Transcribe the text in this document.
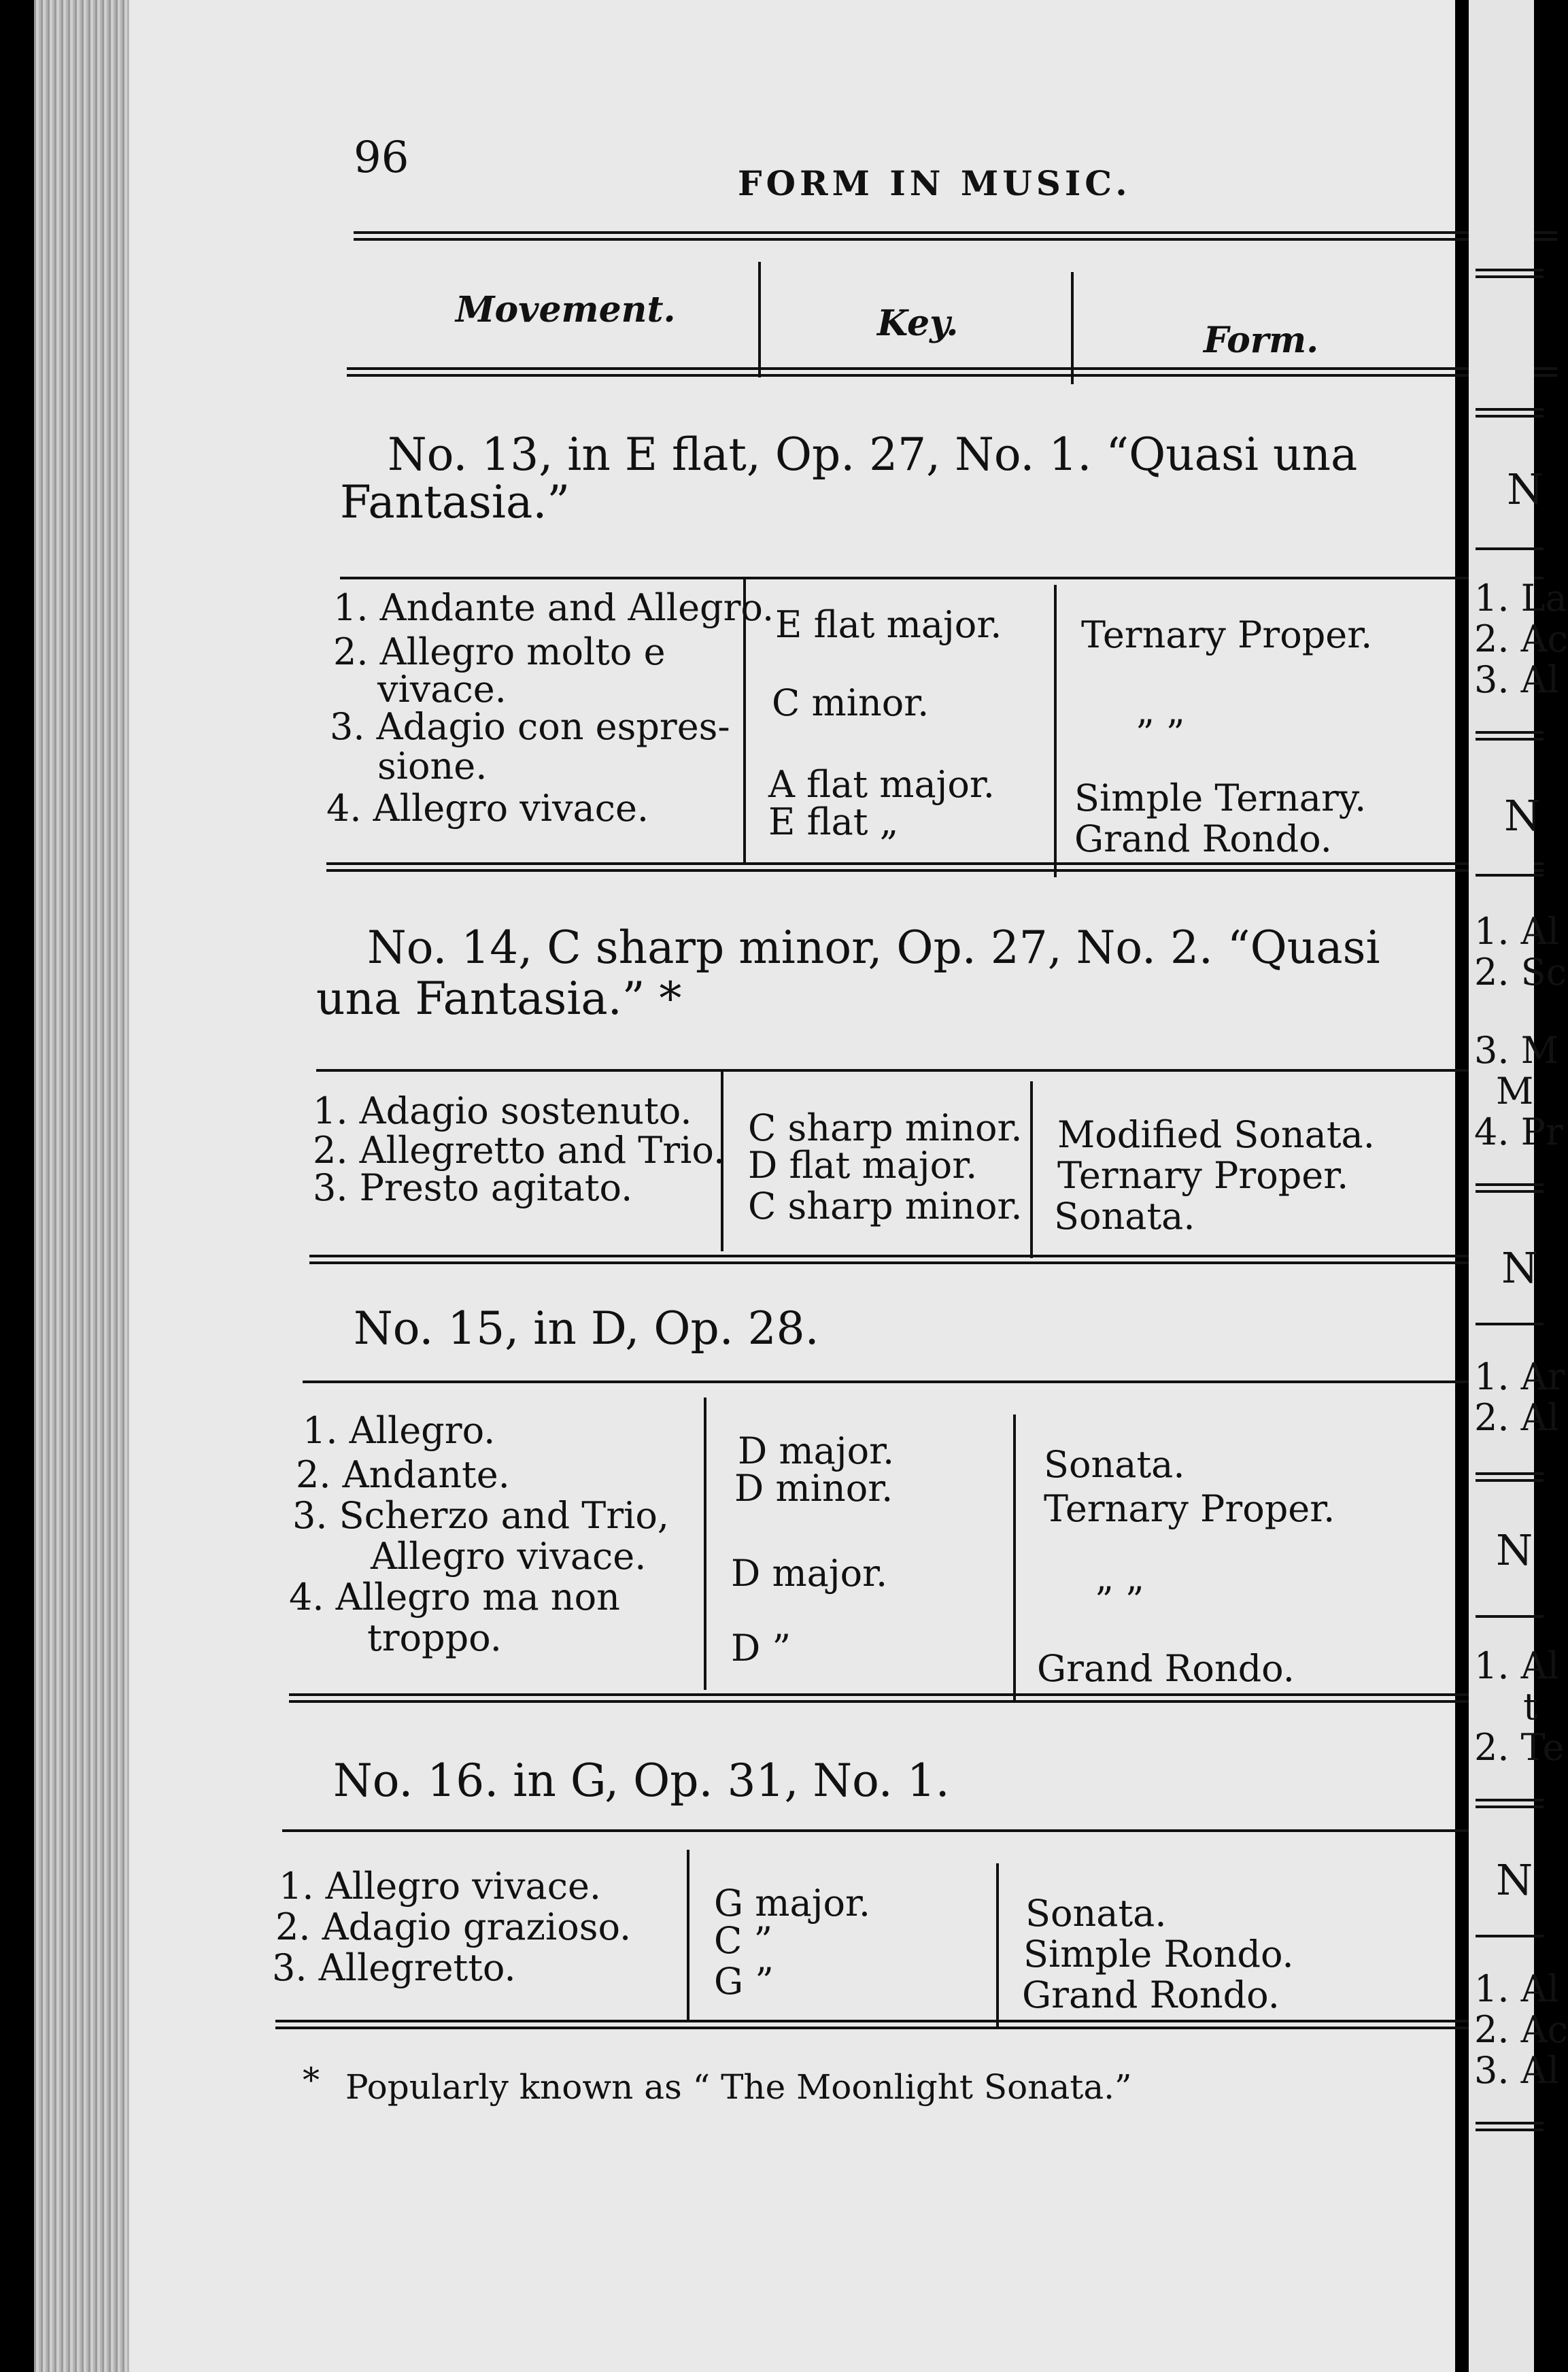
96
FORM IN MUSIC.
Movement.	Key.	Form.
No. 13, in E flat, Op. 27, No. 1. “Quasi una
Fantasia.”
1. Andante and Allegro.
2. Allegro molto e
vivace.
3. Adagio con espres-
sione.
4. Allegro vivace.
E flat major.
C minor.
A flat major.
E flat „
Ternary Proper.
” ”
Simple Ternary.
Grand Rondo.
No. 14, C sharp minor, Op. 27, No. 2. “Quasi
una Fantasia.” *
1. Adagio sostenuto.
2. Allegretto and Trio.
3. Presto agitato.
C sharp minor.
D flat major.
C sharp minor.
Modified Sonata.
Ternary Proper.
Sonata.
No. 15, in D, Op. 28.
1. Allegro.
2. Andante.
3. Scherzo and Trio,
Allegro vivace.
4. Allegro ma non
troppo.
D major.
D minor.
D major.
D ”
Sonata.
Ternary Proper.
” ”
Grand Rondo.
No. 16. in G, Op. 31, No. 1.
1. Allegro vivace.
2. Adagio grazioso.
3. Allegretto.
G major.
C ”
G ”
Sonata.
Simple Rondo.
Grand Rondo.
* Popularly known as “ The Moonlight Sonata.”
N
1. La
2. Ac
3. Al
N
1. Al
2. Sc
3. M
M
4. Pr
N
1. Ar
2. Al
N
1. Al
t
2. Te
N
1. Al
2. Ac
3. Al
